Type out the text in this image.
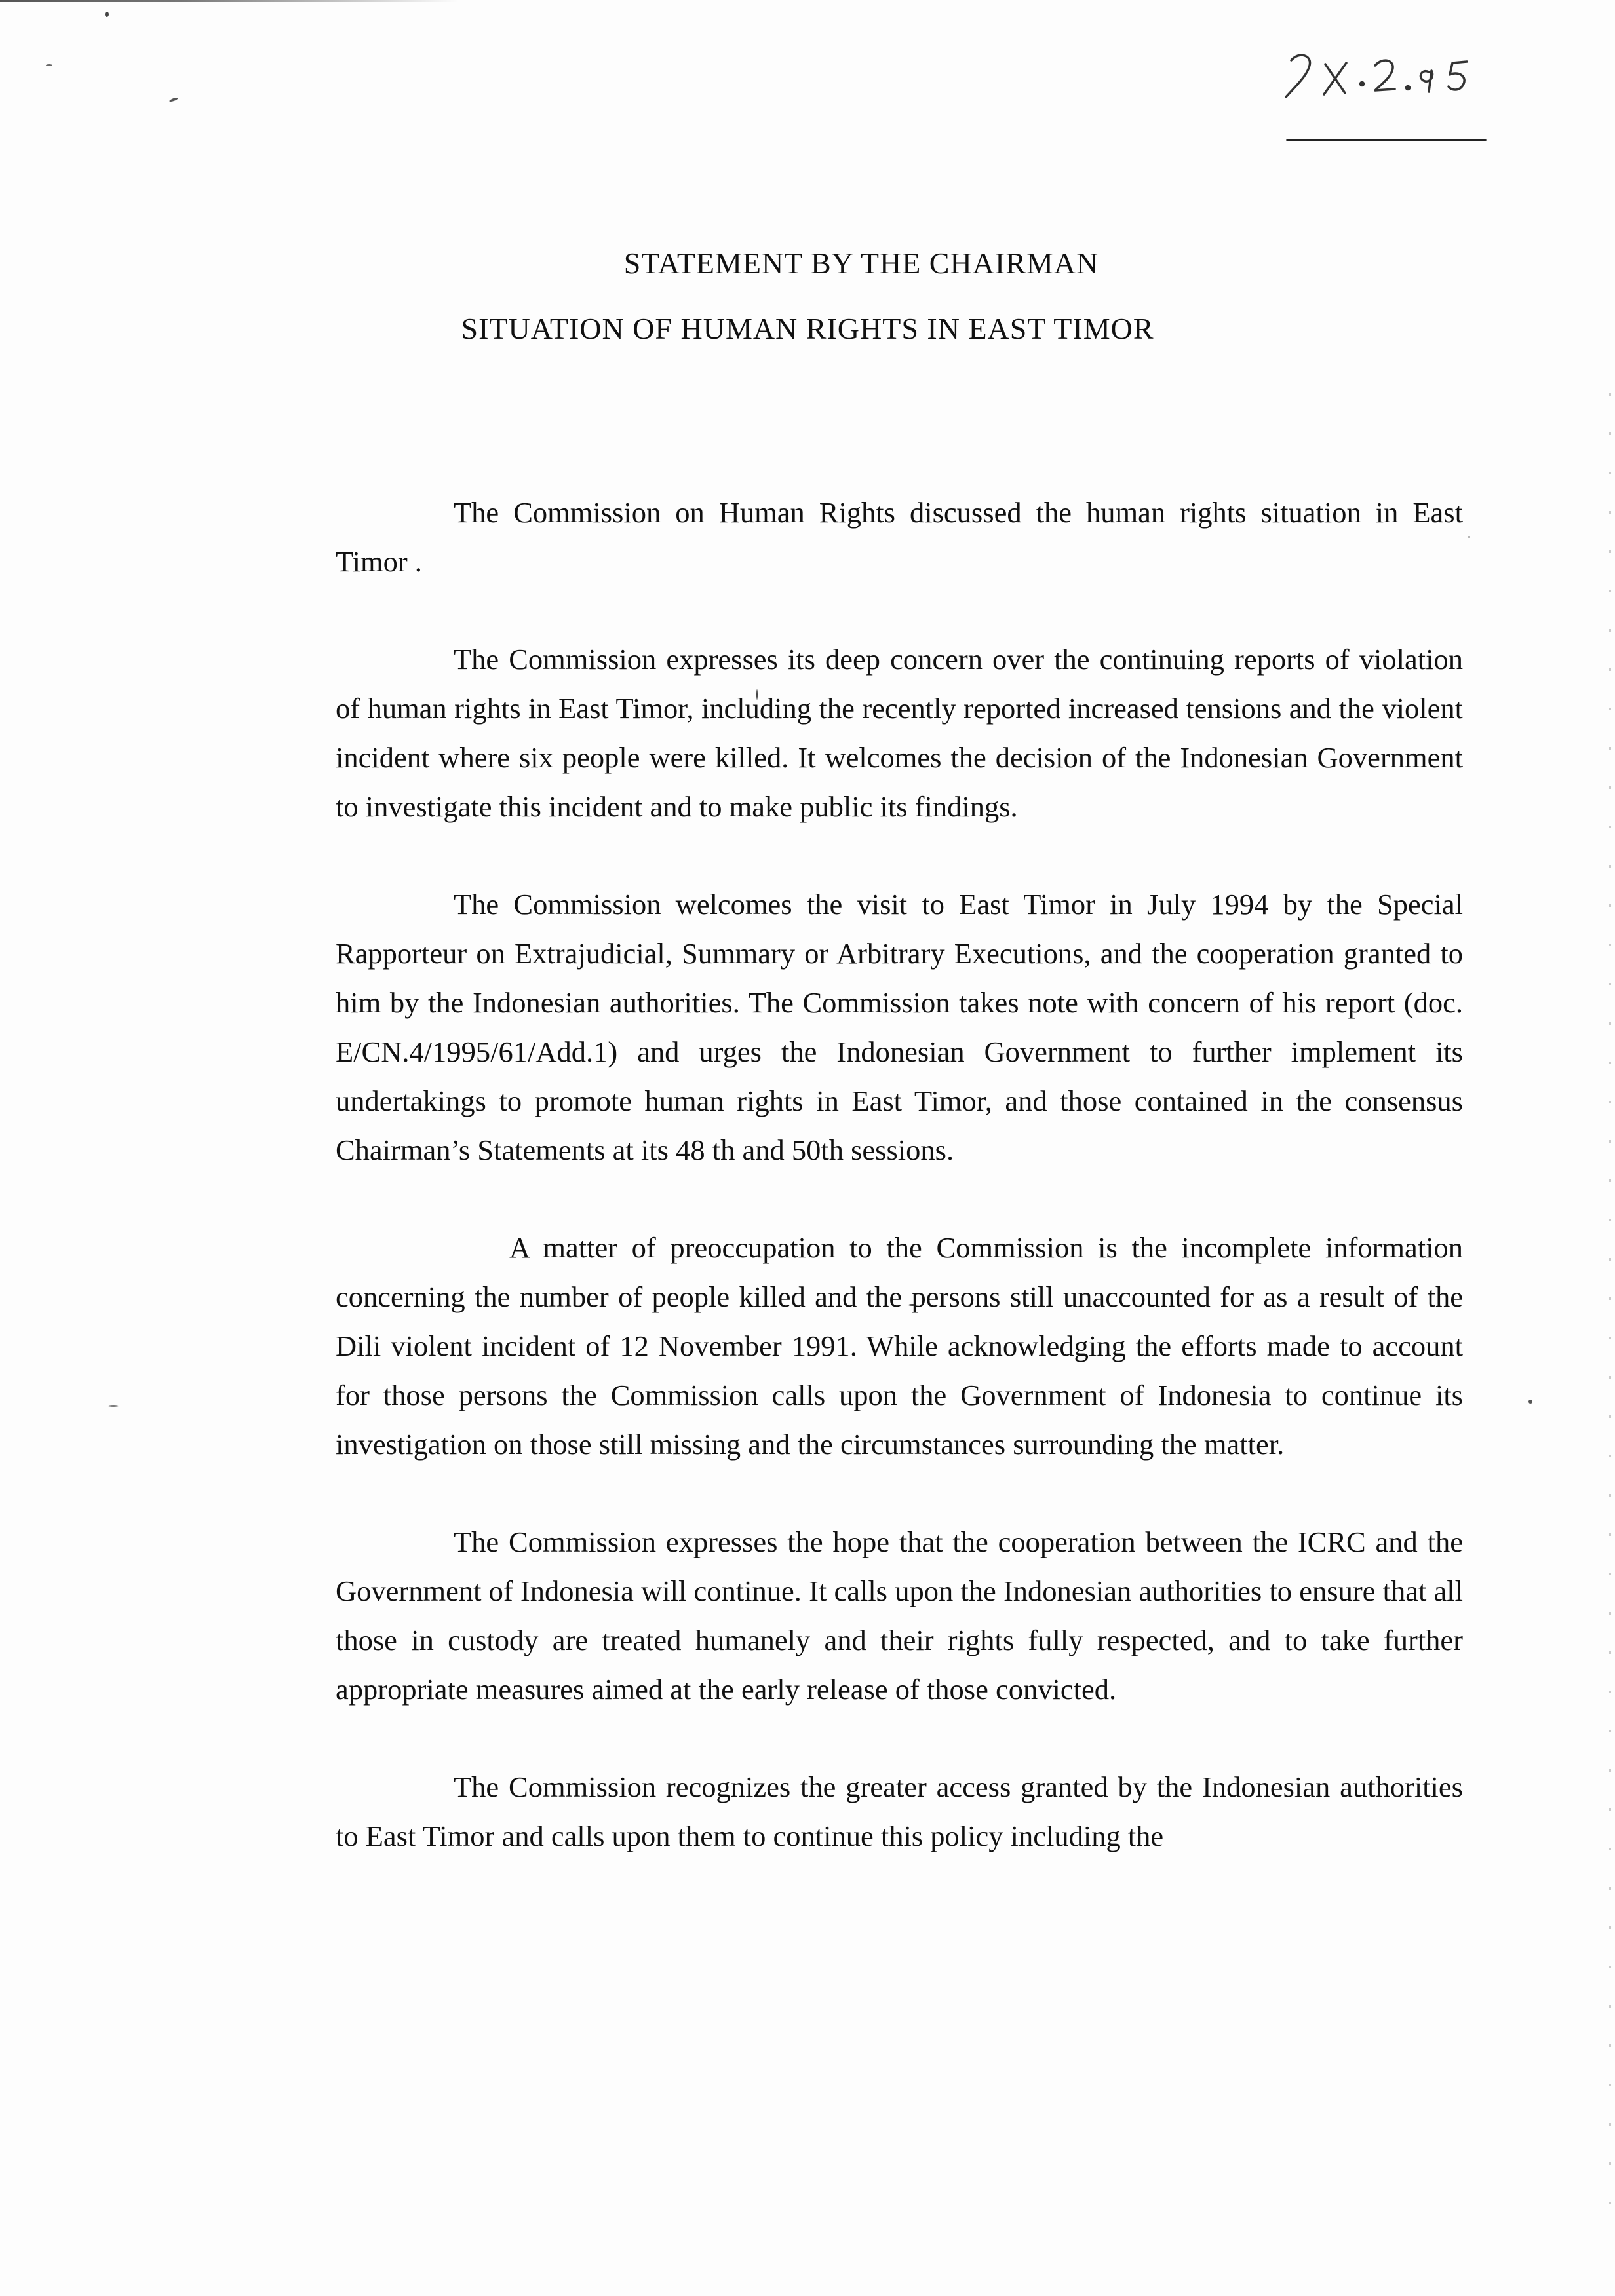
STATEMENT BY THE CHAIRMAN
SITUATION OF HUMAN RIGHTS IN EAST TIMOR

The Commission on Human Rights discussed the human rights situation in East Timor .

The Commission expresses its deep concern over the continuing reports of violation of human rights in East Timor, including the recently reported increased tensions and the violent incident where six people were killed. It welcomes the decision of the Indonesian Government to investigate this incident and to make public its findings.

The Commission welcomes the visit to East Timor in July 1994 by the Special Rapporteur on Extrajudicial, Summary or Arbitrary Executions, and the cooperation granted to him by the Indonesian authorities. The Commission takes note with concern of his report (doc. E/CN.4/1995/61/Add.1) and urges the Indonesian Government to further implement its undertakings to promote human rights in East Timor, and those contained in the consensus Chairman’s Statements at its 48 th and 50th sessions.

A matter of preoccupation to the Commission is the incomplete information concerning the number of people killed and the persons still unaccounted for as a result of the Dili violent incident of 12 November 1991. While acknowledging the efforts made to account for those persons the Commission calls upon the Government of Indonesia to continue its investigation on those still missing and the circumstances surrounding the matter.

The Commission expresses the hope that the cooperation between the ICRC and the Government of Indonesia will continue. It calls upon the Indonesian authorities to ensure that all those in custody are treated humanely and their rights fully respected, and to take further appropriate measures aimed at the early release of those convicted.

The Commission recognizes the greater access granted by the Indonesian authorities to East Timor and calls upon them to continue this policy including the
